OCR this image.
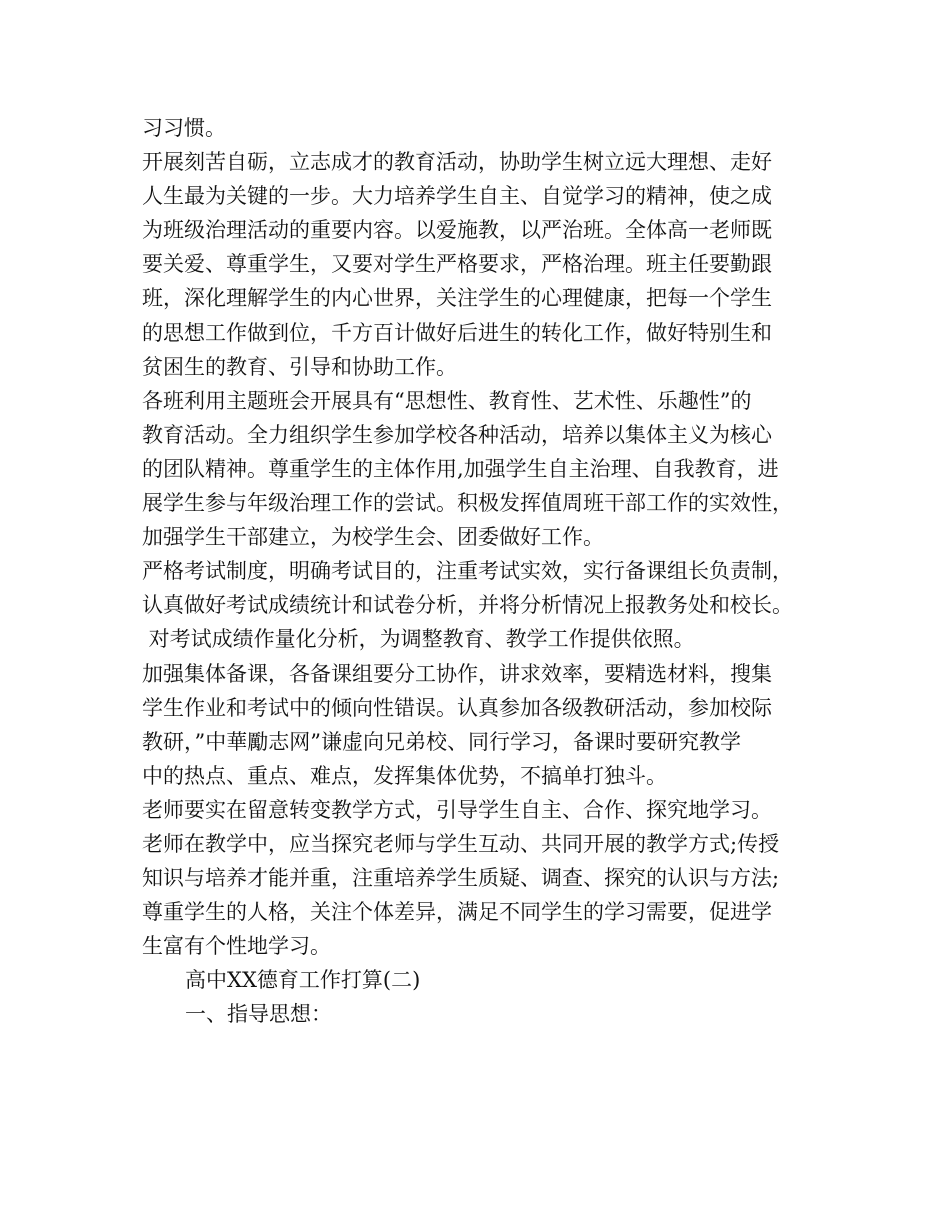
习习惯。
开展刻苦自砺，立志成才的教育活动，协助学生树立远大理想、走好
人生最为关键的一步。大力培养学生自主、自觉学习的精神，使之成
为班级治理活动的重要内容。以爱施教，以严治班。全体高一老师既
要关爱、尊重学生，又要对学生严格要求，严格治理。班主任要勤跟
班，深化理解学生的内心世界，关注学生的心理健康，把每一个学生
的思想工作做到位，千方百计做好后进生的转化工作，做好特别生和
贫困生的教育、引导和协助工作。
各班利用主题班会开展具有“思想性、教育性、艺术性、乐趣性”的
教育活动。全力组织学生参加学校各种活动，培养以集体主义为核心
的团队精神。尊重学生的主体作用,加强学生自主治理、自我教育，进
展学生参与年级治理工作的尝试。积极发挥值周班干部工作的实效性，
加强学生干部建立，为校学生会、团委做好工作。
严格考试制度，明确考试目的，注重考试实效，实行备课组长负责制，
认真做好考试成绩统计和试卷分析，并将分析情况上报教务处和校长。
对考试成绩作量化分析，为调整教育、教学工作提供依照。
加强集体备课，各备课组要分工协作，讲求效率，要精选材料，搜集
学生作业和考试中的倾向性错误。认真参加各级教研活动，参加校际
教研，”中華勵志网”谦虚向兄弟校、同行学习，备课时要研究教学
中的热点、重点、难点，发挥集体优势，不搞单打独斗。
老师要实在留意转变教学方式，引导学生自主、合作、探究地学习。
老师在教学中，应当探究老师与学生互动、共同开展的教学方式;传授
知识与培养才能并重，注重培养学生质疑、调查、探究的认识与方法;
尊重学生的人格，关注个体差异，满足不同学生的学习需要，促进学
生富有个性地学习。
高中XX德育工作打算(二)
一、指导思想：
